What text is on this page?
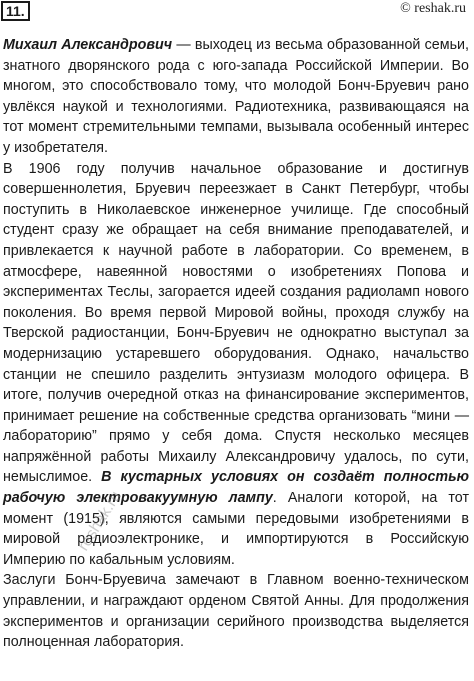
11.	© reshak.ru

Михаил Александрович — выходец из весьма образованной семьи, знатного дворянского рода с юго-запада Российской Империи. Во многом, это способствовало тому, что молодой Бонч-Бруевич рано увлёкся наукой и технологиями. Радиотехника, развивающаяся на тот момент стремительными темпами, вызывала особенный интерес у изобретателя.

В 1906 году получив начальное образование и достигнув совершеннолетия, Бруевич переезжает в Санкт Петербург, чтобы поступить в Николаевское инженерное училище. Где способный студент сразу же обращает на себя внимание преподавателей, и привлекается к научной работе в лаборатории. Со временем, в атмосфере, навеянной новостями о изобретениях Попова и экспериментах Теслы, загорается идеей создания радиоламп нового поколения. Во время первой Мировой войны, проходя службу на Тверской радиостанции, Бонч-Бруевич не однократно выступал за модернизацию устаревшего оборудования. Однако, начальство станции не спешило разделить энтузиазм молодого офицера. В итоге, получив очередной отказ на финансирование экспериментов, принимает решение на собственные средства организовать “мини — лабораторию” прямо у себя дома. Спустя несколько месяцев напряжённой работы Михаилу Александровичу удалось, по сути, немыслимое. В кустарных условиях он создаёт полностью рабочую электровакуумную лампу. Аналоги которой, на тот момент (1915), являются самыми передовыми изобретениями в мировой радиоэлектронике, и импортируются в Российскую Империю по кабальным условиям.

Заслуги Бонч-Бруевича замечают в Главном военно-техническом управлении, и награждают орденом Святой Анны. Для продолжения экспериментов и организации серийного производства выделяется полноценная лаборатория.

reshak.ru
